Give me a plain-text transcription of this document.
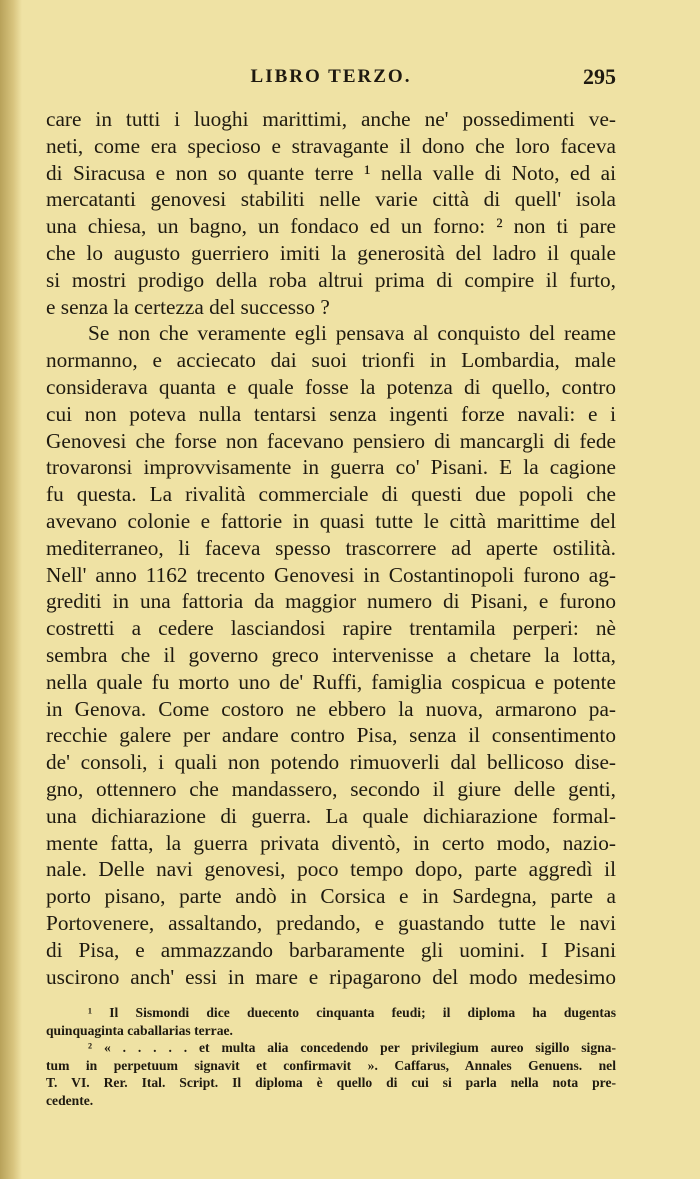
LIBRO TERZO.	295
care in tutti i luoghi marittimi, anche ne' possedimenti ve-
neti, come era specioso e stravagante il dono che loro faceva
di Siracusa e non so quante terre ¹ nella valle di Noto, ed ai
mercatanti genovesi stabiliti nelle varie città di quell' isola
una chiesa, un bagno, un fondaco ed un forno: ² non ti pare
che lo augusto guerriero imiti la generosità del ladro il quale
si mostri prodigo della roba altrui prima di compire il furto,
e senza la certezza del successo ?
Se non che veramente egli pensava al conquisto del reame
normanno, e acciecato dai suoi trionfi in Lombardia, male
considerava quanta e quale fosse la potenza di quello, contro
cui non poteva nulla tentarsi senza ingenti forze navali: e i
Genovesi che forse non facevano pensiero di mancargli di fede
trovaronsi improvvisamente in guerra co' Pisani. E la cagione
fu questa. La rivalità commerciale di questi due popoli che
avevano colonie e fattorie in quasi tutte le città marittime del
mediterraneo, li faceva spesso trascorrere ad aperte ostilità.
Nell' anno 1162 trecento Genovesi in Costantinopoli furono ag-
grediti in una fattoria da maggior numero di Pisani, e furono
costretti a cedere lasciandosi rapire trentamila perperi: nè
sembra che il governo greco intervenisse a chetare la lotta,
nella quale fu morto uno de' Ruffi, famiglia cospicua e potente
in Genova. Come costoro ne ebbero la nuova, armarono pa-
recchie galere per andare contro Pisa, senza il consentimento
de' consoli, i quali non potendo rimuoverli dal bellicoso dise-
gno, ottennero che mandassero, secondo il giure delle genti,
una dichiarazione di guerra. La quale dichiarazione formal-
mente fatta, la guerra privata diventò, in certo modo, nazio-
nale. Delle navi genovesi, poco tempo dopo, parte aggredì il
porto pisano, parte andò in Corsica e in Sardegna, parte a
Portovenere, assaltando, predando, e guastando tutte le navi
di Pisa, e ammazzando barbaramente gli uomini. I Pisani
uscirono anch' essi in mare e ripagarono del modo medesimo
¹ Il Sismondi dice duecento cinquanta feudi; il diploma ha dugentas
quinquaginta caballarias terrae.
² « . . . . . et multa alia concedendo per privilegium aureo sigillo signa-
tum in perpetuum signavit et confirmavit ». Caffarus, Annales Genuens. nel
T. VI. Rer. Ital. Script. Il diploma è quello di cui si parla nella nota pre-
cedente.
